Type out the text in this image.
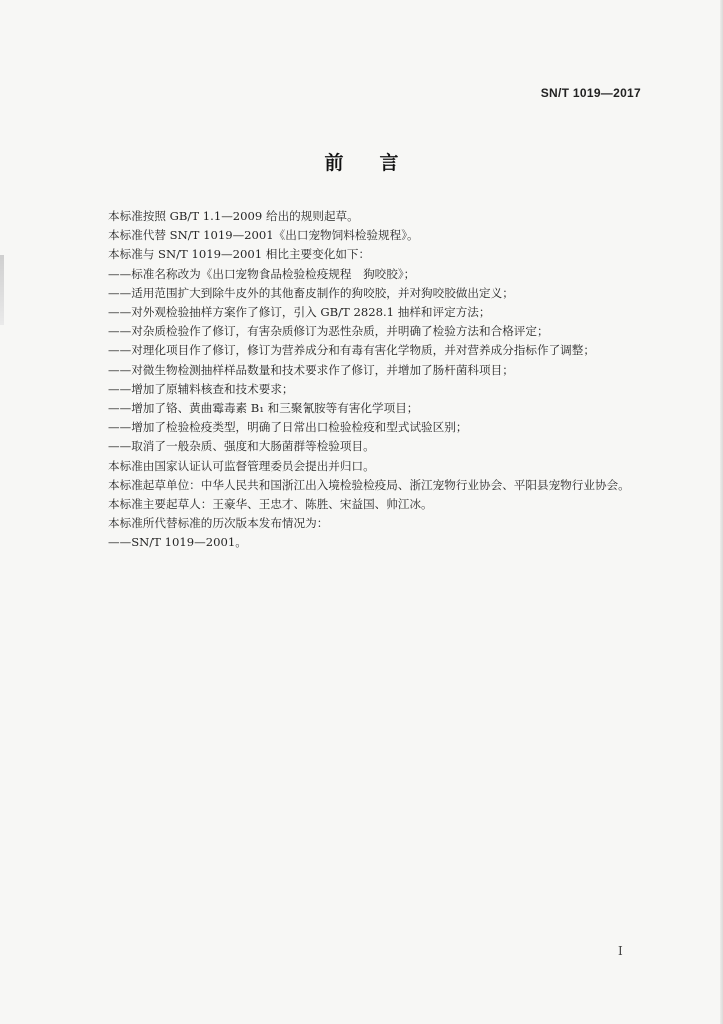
SN/T 1019—2017
前言

本标准按照 GB/T 1.1—2009 给出的规则起草。

本标准代替 SN/T 1019—2001《出口宠物饲料检验规程》。

本标准与 SN/T 1019—2001 相比主要变化如下：

——标准名称改为《出口宠物食品检验检疫规程　狗咬胶》；

——适用范围扩大到除牛皮外的其他畜皮制作的狗咬胶，并对狗咬胶做出定义；

——对外观检验抽样方案作了修订，引入 GB/T 2828.1 抽样和评定方法；

——对杂质检验作了修订，有害杂质修订为恶性杂质，并明确了检验方法和合格评定；

——对理化项目作了修订，修订为营养成分和有毒有害化学物质，并对营养成分指标作了调整；

——对微生物检测抽样样品数量和技术要求作了修订，并增加了肠杆菌科项目；

——增加了原辅料核查和技术要求；

——增加了铬、黄曲霉毒素 B₁ 和三聚氰胺等有害化学项目；

——增加了检验检疫类型，明确了日常出口检验检疫和型式试验区别；

——取消了一般杂质、强度和大肠菌群等检验项目。

本标准由国家认证认可监督管理委员会提出并归口。

本标准起草单位：中华人民共和国浙江出入境检验检疫局、浙江宠物行业协会、平阳县宠物行业协会。

本标准主要起草人：王豪华、王忠才、陈胜、宋益国、帅江冰。

本标准所代替标准的历次版本发布情况为：

——SN/T 1019—2001。

I
